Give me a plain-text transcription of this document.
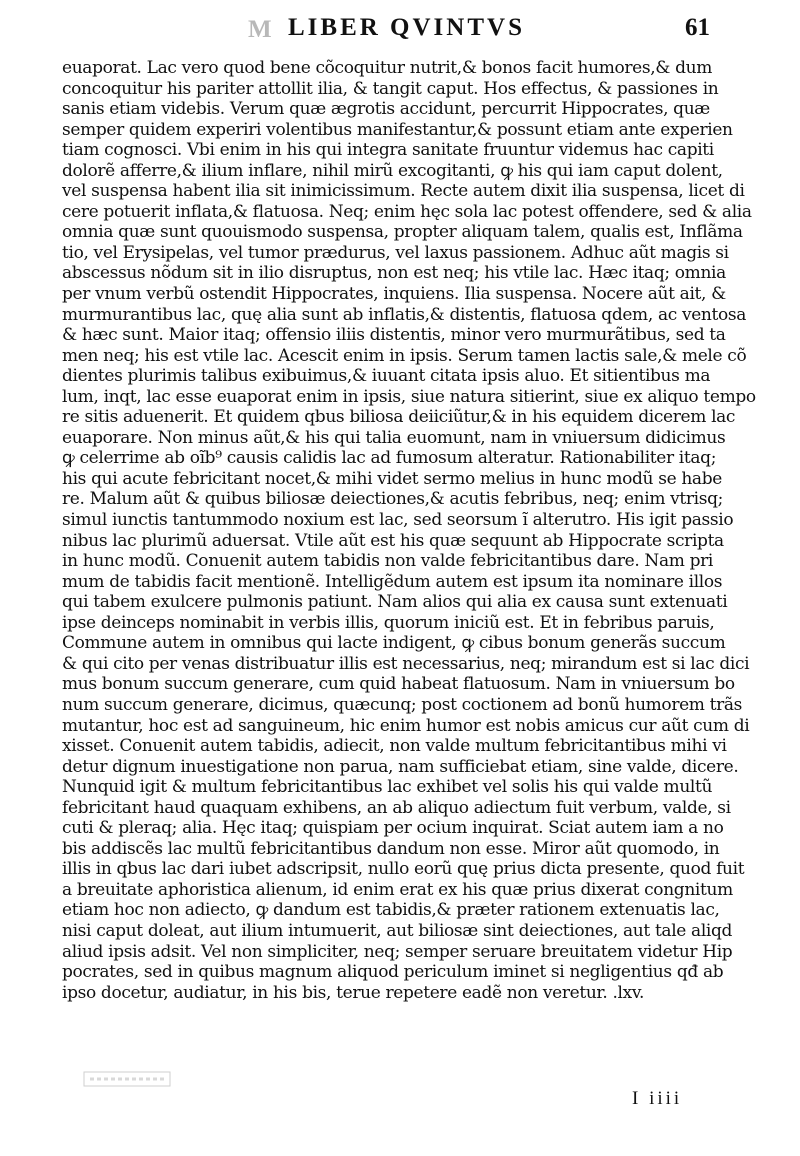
M LIBER QVINTVS	61
euaporat. Lac vero quod bene cõcoquitur nutrit,& bonos facit humores,& dum
concoquitur his pariter attollit ilia, & tangit caput. Hos effectus, & passiones in
sanis etiam videbis. Verum quæ ægrotis accidunt, percurrit Hippocrates, quæ
semper quidem experiri volentibus manifestantur,& possunt etiam ante experien
tiam cognosci. Vbi enim in his qui integra sanitate fruuntur videmus hac capiti
dolorẽ afferre,& ilium inflare, nihil mirũ excogitanti, ꝙ his qui iam caput dolent,
vel suspensa habent ilia sit inimicissimum. Recte autem dixit ilia suspensa, licet di
cere potuerit inflata,& flatuosa. Neq; enim hęc sola lac potest offendere, sed & alia
omnia quæ sunt quouismodo suspensa, propter aliquam talem, qualis est, Inflãma
tio, vel Erysipelas, vel tumor prædurus, vel laxus passionem. Adhuc aũt magis si
abscessus nõdum sit in ilio disruptus, non est neq; his vtile lac. Hæc itaq; omnia
per vnum verbũ ostendit Hippocrates, inquiens. Ilia suspensa. Nocere aũt ait, &
murmurantibus lac, quę alia sunt ab inflatis,& distentis, flatuosa qdem, ac ventosa
& hæc sunt. Maior itaq; offensio iliis distentis, minor vero murmurãtibus, sed ta
men neq; his est vtile lac. Acescit enim in ipsis. Serum tamen lactis sale,& mele cõ
dientes plurimis talibus exibuimus,& iuuant citata ipsis aluo. Et sitientibus ma
lum, inqt, lac esse euaporat enim in ipsis, siue natura sitierint, siue ex aliquo tempo
re sitis aduenerit. Et quidem qbus biliosa deiiciũtur,& in his equidem dicerem lac
euaporare. Non minus aũt,& his qui talia euomunt, nam in vniuersum didicimus
ꝙ celerrime ab oĩb⁹ causis calidis lac ad fumosum alteratur. Rationabiliter itaq;
his qui acute febricitant nocet,& mihi videt sermo melius in hunc modũ se habe
re. Malum aũt & quibus biliosæ deiectiones,& acutis febribus, neq; enim vtrisq;
simul iunctis tantummodo noxium est lac, sed seorsum ĩ alterutro. His igit passio
nibus lac plurimũ aduersat. Vtile aũt est his quæ sequunt ab Hippocrate scripta
in hunc modũ. Conuenit autem tabidis non valde febricitantibus dare. Nam pri
mum de tabidis facit mentionẽ. Intelligẽdum autem est ipsum ita nominare illos
qui tabem exulcere pulmonis patiunt. Nam alios qui alia ex causa sunt extenuati
ipse deinceps nominabit in verbis illis, quorum iniciũ est. Et in febribus paruis,
Commune autem in omnibus qui lacte indigent, ꝙ cibus bonum generãs succum
& qui cito per venas distribuatur illis est necessarius, neq; mirandum est si lac dici
mus bonum succum generare, cum quid habeat flatuosum. Nam in vniuersum bo
num succum generare, dicimus, quæcunq; post coctionem ad bonũ humorem trãs
mutantur, hoc est ad sanguineum, hic enim humor est nobis amicus cur aũt cum di
xisset. Conuenit autem tabidis, adiecit, non valde multum febricitantibus mihi vi
detur dignum inuestigatione non parua, nam sufficiebat etiam, sine valde, dicere.
Nunquid igit & multum febricitantibus lac exhibet vel solis his qui valde multũ
febricitant haud quaquam exhibens, an ab aliquo adiectum fuit verbum, valde, si
cuti & pleraq; alia. Hęc itaq; quispiam per ocium inquirat. Sciat autem iam a no
bis addiscẽs lac multũ febricitantibus dandum non esse. Miror aũt quomodo, in
illis in qbus lac dari iubet adscripsit, nullo eorũ quę prius dicta presente, quod fuit
a breuitate aphoristica alienum, id enim erat ex his quæ prius dixerat congnitum
etiam hoc non adiecto, ꝙ dandum est tabidis,& præter rationem extenuatis lac,
nisi caput doleat, aut ilium intumuerit, aut biliosæ sint deiectiones, aut tale aliqd
aliud ipsis adsit. Vel non simpliciter, neq; semper seruare breuitatem videtur Hip
pocrates, sed in quibus magnum aliquod periculum iminet si negligentius qđ ab
ipso docetur, audiatur, in his bis, terue repetere eadẽ non veretur. .lxv.
I iiii
